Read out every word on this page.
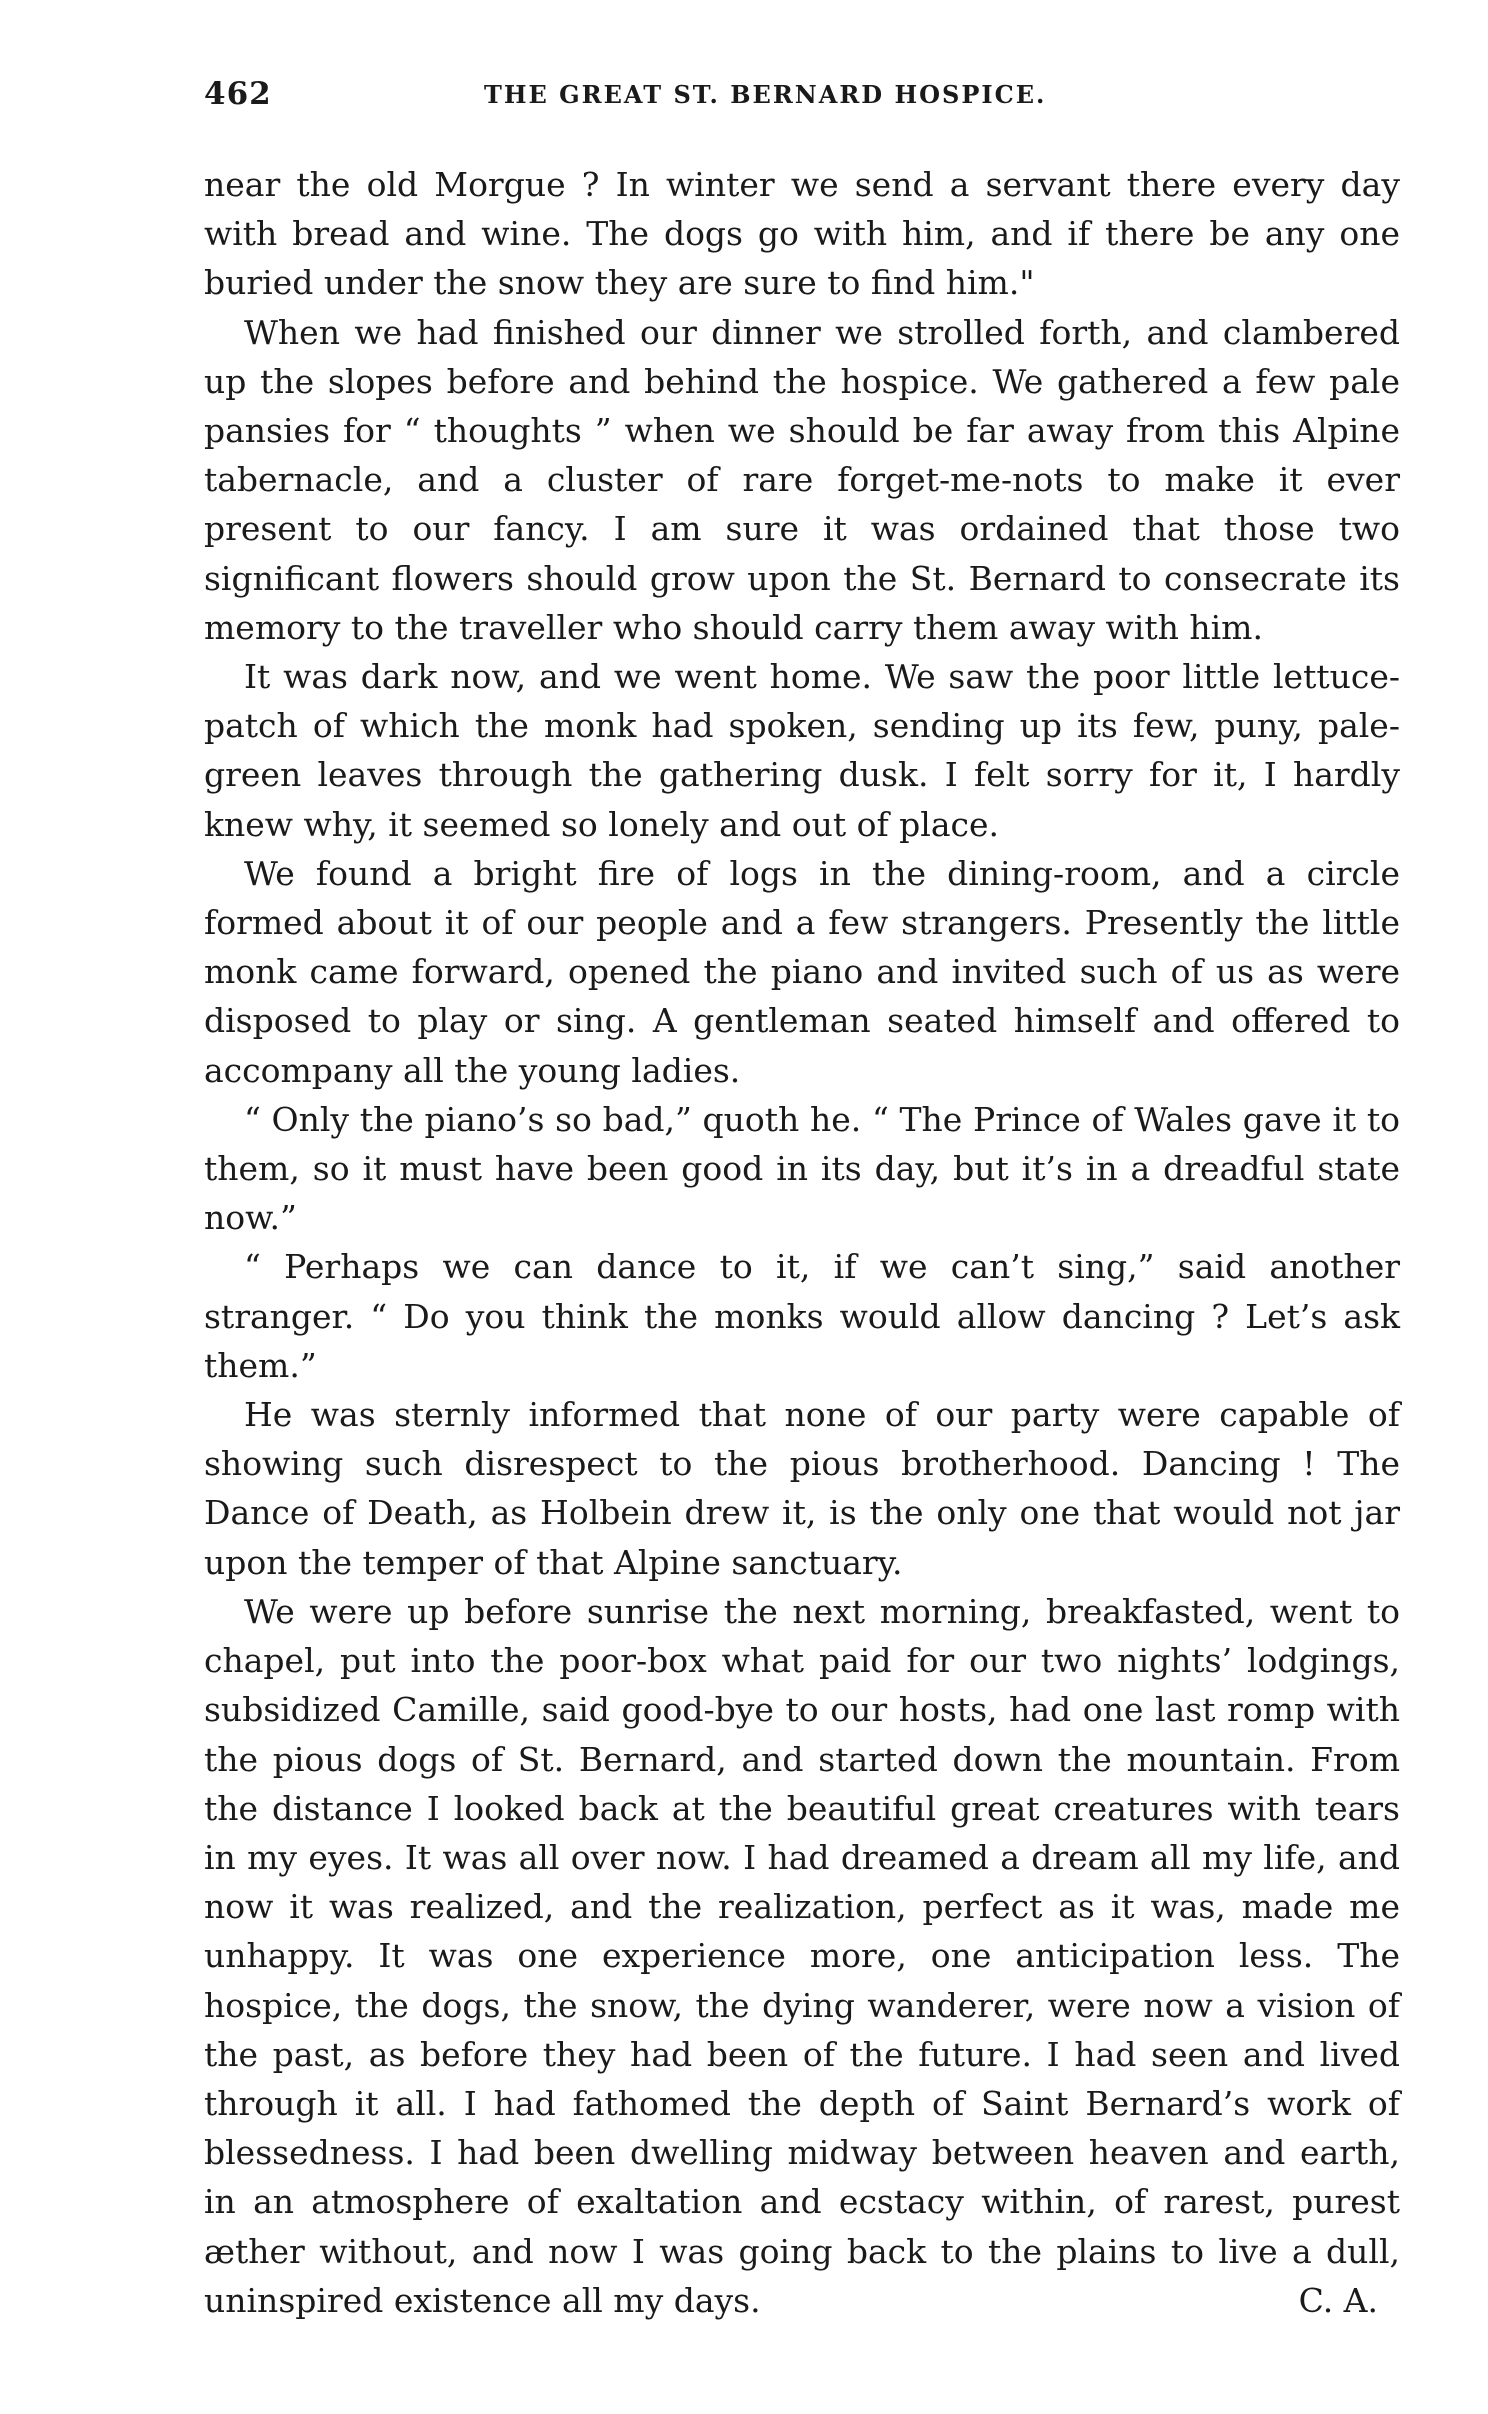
462	THE GREAT ST. BERNARD HOSPICE.

near the old Morgue ? In winter we send a servant there every day with bread and wine. The dogs go with him, and if there be any one buried under the snow they are sure to find him."

When we had finished our dinner we strolled forth, and clambered up the slopes before and behind the hospice. We gathered a few pale pansies for “ thoughts ” when we should be far away from this Alpine tabernacle, and a cluster of rare forget-me-nots to make it ever present to our fancy. I am sure it was ordained that those two significant flowers should grow upon the St. Bernard to consecrate its memory to the traveller who should carry them away with him.

It was dark now, and we went home. We saw the poor little lettuce-patch of which the monk had spoken, sending up its few, puny, pale-green leaves through the gathering dusk. I felt sorry for it, I hardly knew why, it seemed so lonely and out of place.

We found a bright fire of logs in the dining-room, and a circle formed about it of our people and a few strangers. Presently the little monk came forward, opened the piano and invited such of us as were disposed to play or sing. A gentleman seated himself and offered to accompany all the young ladies.

“ Only the piano’s so bad,” quoth he. “ The Prince of Wales gave it to them, so it must have been good in its day, but it’s in a dreadful state now.”

“ Perhaps we can dance to it, if we can’t sing,” said another stranger. “ Do you think the monks would allow dancing ? Let’s ask them.”

He was sternly informed that none of our party were capable of showing such disrespect to the pious brotherhood. Dancing ! The Dance of Death, as Holbein drew it, is the only one that would not jar upon the temper of that Alpine sanctuary.

We were up before sunrise the next morning, breakfasted, went to chapel, put into the poor-box what paid for our two nights’ lodgings, subsidized Camille, said good-bye to our hosts, had one last romp with the pious dogs of St. Bernard, and started down the mountain. From the distance I looked back at the beautiful great creatures with tears in my eyes. It was all over now. I had dreamed a dream all my life, and now it was realized, and the realization, perfect as it was, made me unhappy. It was one experience more, one anticipation less. The hospice, the dogs, the snow, the dying wanderer, were now a vision of the past, as before they had been of the future. I had seen and lived through it all. I had fathomed the depth of Saint Bernard’s work of blessedness. I had been dwelling midway between heaven and earth, in an atmosphere of exaltation and ecstacy within, of rarest, purest æther without, and now I was going back to the plains to live a dull, uninspired existence all my days.	C. A.
